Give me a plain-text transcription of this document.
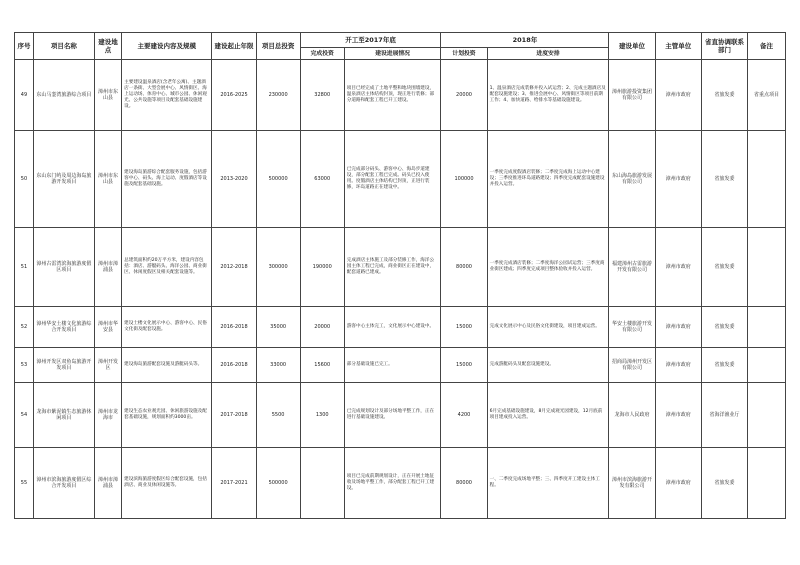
序号	项目名称	建设地点	主要建设内容及规模	建设起止年限	项目总投资	开工至2017年底		2018年		建设单位	主管单位	省直协调联系部门	备注
						完成投资	建设进展情况	计划投资	进度安排				
49	东山马銮湾旅游综合项目	漳州市东山县	主要建设温泉酒店(含老年公寓)、主题酒店一条街、大型会展中心、风情街区、海上运动场、体育中心、城市公园、休闲观光、公共设施等项目及配套基础设施建设。	2016-2025	230000	32800	项目已经完成了土地平整和地块围墙建设，温泉酒店主体结构封顶，现正进行装修；部分道路和配套工程已开工建设。	20000	1、温泉酒店完成装修并投入试运营；2、完成主题酒店及配套设施建设；3、推进会展中心、风情街区等项目前期工作；4、加快道路、给排水等基础设施建设。	漳州旅游投资集团有限公司	漳州市政府	省旅发委	省重点项目
50	东山东门屿及周边海岛旅游开发项目	漳州市东山县	建设海岛旅游综合配套服务设施，包括游客中心、码头、海上运动、度假酒店等设施及配套基础设施。	2013-2020	500000	63000	已完成部分码头、游客中心、海岛步道建设，部分配套工程已完成。码头已投入使用。度假酒店主体结构已封顶，正进行装修，环岛道路正在建设中。	100000	一季度完成度假酒店装修；二季度完成海上运动中心建设；三季度推进环岛道路建设；四季度完成配套设施建设并投入运营。	东山海岛旅游发展有限公司	漳州市政府	省旅发委	
51	漳州古雷湾滨海旅游度假区项目	漳州市漳浦县	总建筑面积约20万平方米，建设内容包括：酒店、游艇码头、海洋公园、商业街区、休闲度假区及相关配套设施等。	2012-2018	300000	190000	完成酒店主体施工及部分装修工作，海洋公园主体工程已完成，商业街区正在建设中，配套道路已建成。	80000	一季度完成酒店装修；二季度海洋公园试运营；三季度商业街区建成；四季度完成项目整体验收并投入运营。	福建漳州古雷旅游开发有限公司	漳州市政府	省旅发委	
52	漳州华安土楼文化旅游综合开发项目	漳州市华安县	建设土楼文化展示中心、游客中心、民俗文化街及配套设施。	2016-2018	35000	20000	游客中心主体完工，文化展示中心建设中。	15000	完成文化展示中心及民俗文化街建设，项目建成运营。	华安土楼旅游开发有限公司	漳州市政府	省旅发委	
53	漳州开发区双鱼岛旅游开发项目	漳州开发区	建设海岛旅游配套设施及游艇码头等。	2016-2018	33000	15600	部分基础设施已完工。	15000	完成游艇码头及配套设施建设。	招商局漳州开发区有限公司	漳州市政府	省旅发委	
54	龙海市紫泥镇生态旅游休闲项目	漳州市龙海市	建设生态农业观光园、休闲旅游设施及配套基础设施，规划面积约3000亩。	2017-2018	5500	1300	已完成规划设计及部分场地平整工作，正在进行基础设施建设。	4200	6月完成基础设施建设，8月完成观光园建设，12月底前项目建成投入运营。	龙海市人民政府	漳州市政府	省海洋渔业厅	
55	漳州市滨海旅游度假区综合开发项目	漳州市漳浦县	建设滨海旅游度假区综合配套设施，包括酒店、商业及休闲设施等。	2017-2021	500000		项目已完成前期规划设计，正在开展土地征收及场地平整工作，部分配套工程已开工建设。	80000	一、二季度完成场地平整；三、四季度开工建设主体工程。	漳州市滨海旅游开发有限公司	漳州市政府	省旅发委	
